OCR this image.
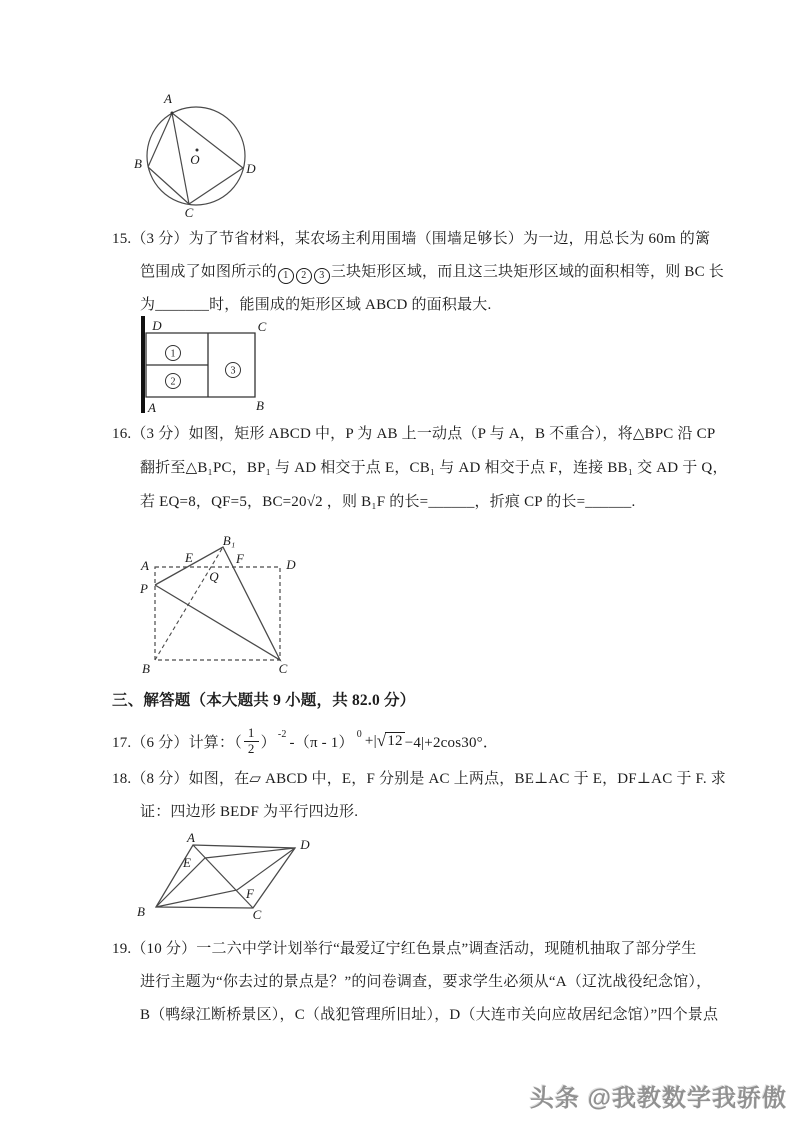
A
B
C
D
O
15.（3 分）为了节省材料，某农场主利用围墙（围墙足够长）为一边，用总长为 60m 的篱
笆围成了如图所示的 1 2 3 三块矩形区域，而且这三块矩形区域的面积相等，则 BC 长
为_______时，能围成的矩形区域 ABCD 的面积最大.
1
2
3
D	C
A	B
16.（3 分）如图，矩形 ABCD 中，P 为 AB 上一动点（P 与 A，B 不重合），将△BPC 沿 CP
翻折至△B₁PC，BP₁ 与 AD 相交于点 E，CB₁ 与 AD 相交于点 F，连接 BB₁ 交 AD 于 Q，
若 EQ=8，QF=5，BC=20√2 ，则 B₁F 的长=______，折痕 CP 的长=______.
A	D
B	C
P
B₁
E	F
Q
三、解答题（本大题共 9 小题，共 82.0 分）
17.（6 分）计算：（ $\frac{1}{2}$ ）
-2
-（π - 1）
0 +| √ 12 −4|+2cos30°．
18.（8 分）如图，在▱ ABCD 中，E，F 分别是 AC 上两点，BE⊥AC 于 E，DF⊥AC 于 F. 求
证：四边形 BEDF 为平行四边形.
A	D
B	C
E
F
19.（10 分）一二六中学计划举行“最爱辽宁红色景点”调查活动，现随机抽取了部分学生
进行主题为“你去过的景点是？”的问卷调查，要求学生必须从“A（辽沈战役纪念馆），
B（鸭绿江断桥景区），C（战犯管理所旧址），D（大连市关向应故居纪念馆）”四个景点
头条 @我教数学我骄傲
